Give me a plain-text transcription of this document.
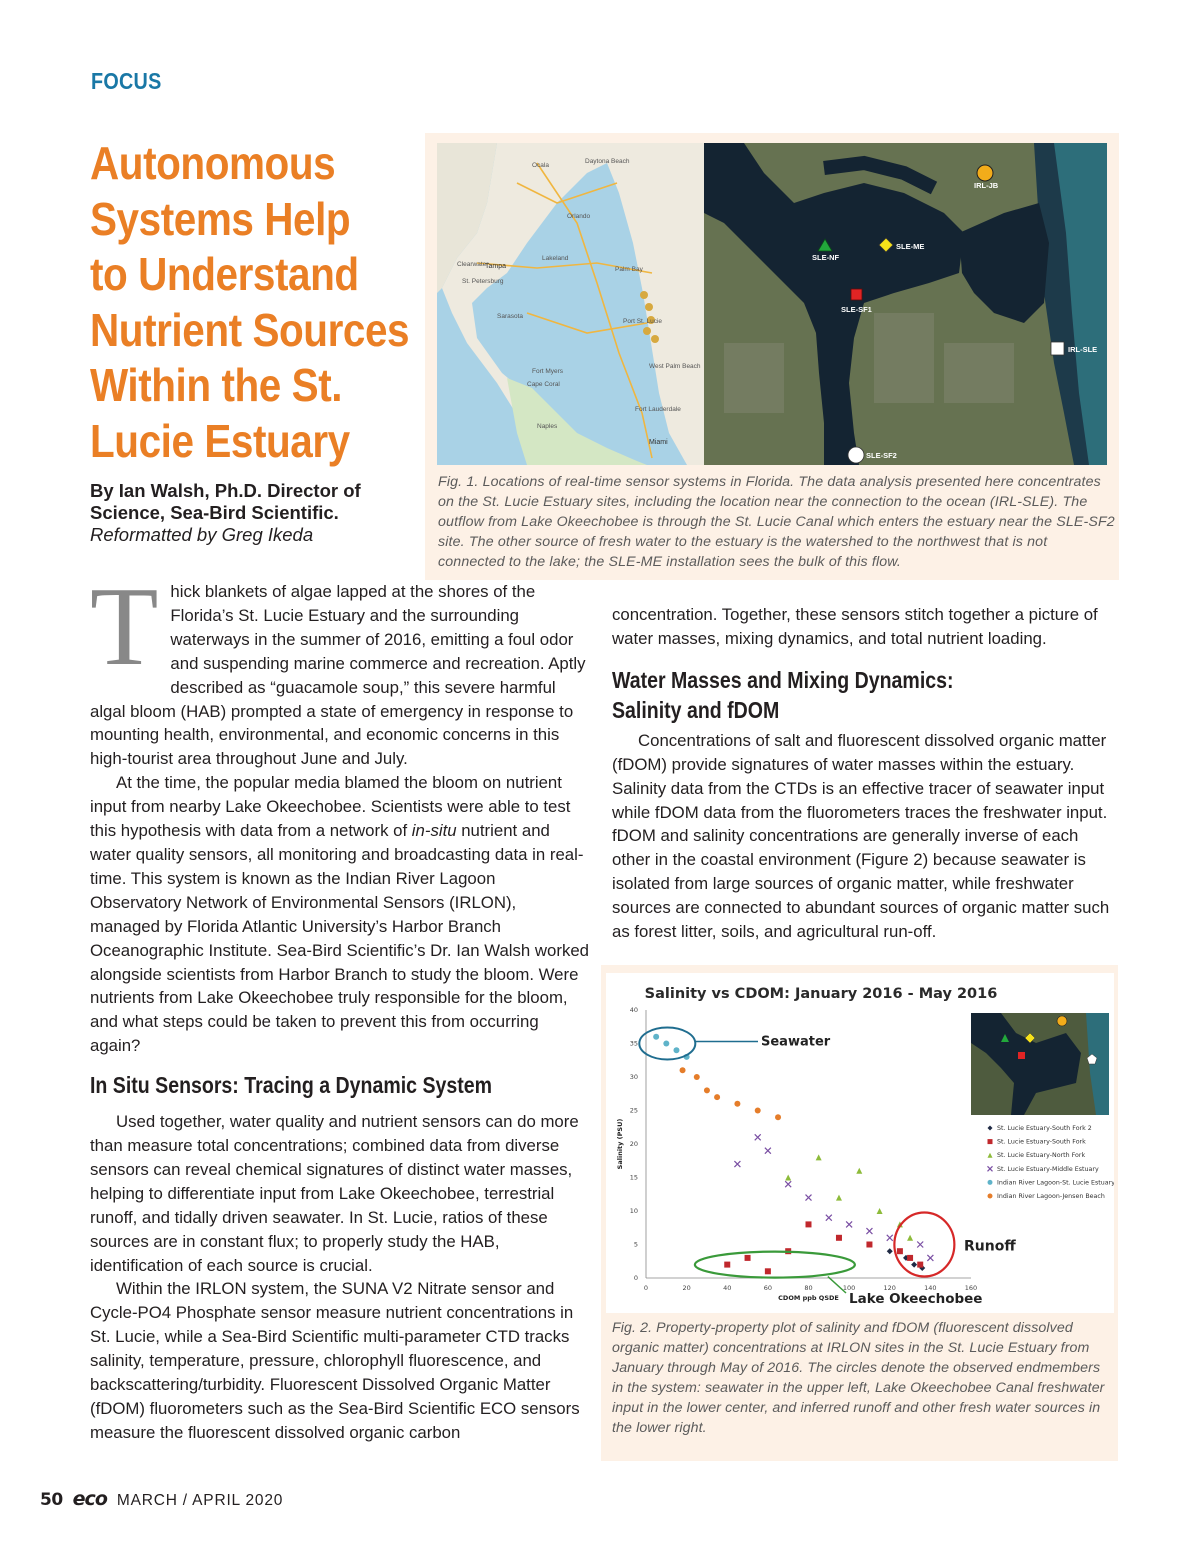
FOCUS
Autonomous
Systems Help
to Understand
Nutrient Sources
Within the St.
Lucie Estuary
By Ian Walsh, Ph.D. Director of Science, Sea-Bird Scientific.
Reformatted by Greg Ikeda
Ocala
Daytona Beach
Orlando
Tampa
Clearwater
St. Petersburg
Lakeland
Palm Bay
Sarasota
Port St. Lucie
Fort Myers
Cape Coral
West Palm Beach
Naples
Fort Lauderdale
Miami
IRL-JB
SLE-ME
SLE-NF
SLE-SF1
IRL-SLE
SLE-SF2
Fig. 1. Locations of real-time sensor systems in Florida. The data analysis presented here concentrates on the St. Lucie Estuary sites, including the location near the connection to the ocean (IRL-SLE). The outflow from Lake Okeechobee is through the St. Lucie Canal which enters the estuary near the SLE-SF2 site. The other source of fresh water to the estuary is the watershed to the northwest that is not connected to the lake; the SLE-ME installation sees the bulk of this flow.

Thick blankets of algae lapped at the shores of the Florida’s St. Lucie Estuary and the surrounding waterways in the summer of 2016, emitting a foul odor and suspending marine commerce and recreation. Aptly described as “guacamole soup,” this severe harmful algal bloom (HAB) prompted a state of emergency in response to mounting health, environmental, and economic concerns in this high-tourist area throughout June and July.

At the time, the popular media blamed the bloom on nutrient input from nearby Lake Okeechobee. Scientists were able to test this hypothesis with data from a network of in-situ nutrient and water quality sensors, all monitoring and broadcasting data in real-time. This system is known as the Indian River Lagoon Observatory Network of Environmental Sensors (IRLON), managed by Florida Atlantic University’s Harbor Branch Oceanographic Institute. Sea-Bird Scientific’s Dr. Ian Walsh worked alongside scientists from Harbor Branch to study the bloom. Were nutrients from Lake Okeechobee truly responsible for the bloom, and what steps could be taken to prevent this from occurring again?

In Situ Sensors: Tracing a Dynamic System

Used together, water quality and nutrient sensors can do more than measure total concentrations; combined data from diverse sensors can reveal chemical signatures of distinct water masses, helping to differentiate input from Lake Okeechobee, terrestrial runoff, and tidally driven seawater. In St. Lucie, ratios of these sources are in constant flux; to properly study the HAB, identification of each source is crucial.

Within the IRLON system, the SUNA V2 Nitrate sensor and Cycle-PO4 Phosphate sensor measure nutrient concentrations in St. Lucie, while a Sea-Bird Scientific multi-parameter CTD tracks salinity, temperature, pressure, chlorophyll fluorescence, and backscattering/turbidity. Fluorescent Dissolved Organic Matter (fDOM) fluorometers such as the Sea-Bird Scientific ECO sensors measure the fluorescent dissolved organic carbon

concentration. Together, these sensors stitch together a picture of water masses, mixing dynamics, and total nutrient loading.

Water Masses and Mixing Dynamics:
Salinity and fDOM

Concentrations of salt and fluorescent dissolved organic matter (fDOM) provide signatures of water masses within the estuary. Salinity data from the CTDs is an effective tracer of seawater input while fDOM data from the fluorometers traces the freshwater input. fDOM and salinity concentrations are generally inverse of each other in the coastal environment (Figure 2) because seawater is isolated from large sources of organic matter, while freshwater sources are connected to abundant sources of organic matter such as forest litter, soils, and agricultural run-off.

Salinity vs CDOM: January 2016 - May 2016
0	20	40	60	80	100	120	140	160
0
5
10
15
20
25
30
35
40
CDOM ppb QSDE
Salinity (PSU)	St. Lucie Estuary-South Fork 2
St. Lucie Estuary-South Fork
St. Lucie Estuary-North Fork
St. Lucie Estuary-Middle Estuary
Indian River Lagoon-St. Lucie Estuary
Indian River Lagoon-Jensen Beach
Seawater
Runoff
Lake Okeechobee
Fig. 2. Property-property plot of salinity and fDOM (fluorescent dissolved organic matter) concentrations at IRLON sites in the St. Lucie Estuary from January through May of 2016. The circles denote the observed endmembers in the system: seawater in the upper left, Lake Okeechobee Canal freshwater input in the lower center, and inferred runoff and other fresh water sources in the lower right.
50 eco MARCH / APRIL 2020
